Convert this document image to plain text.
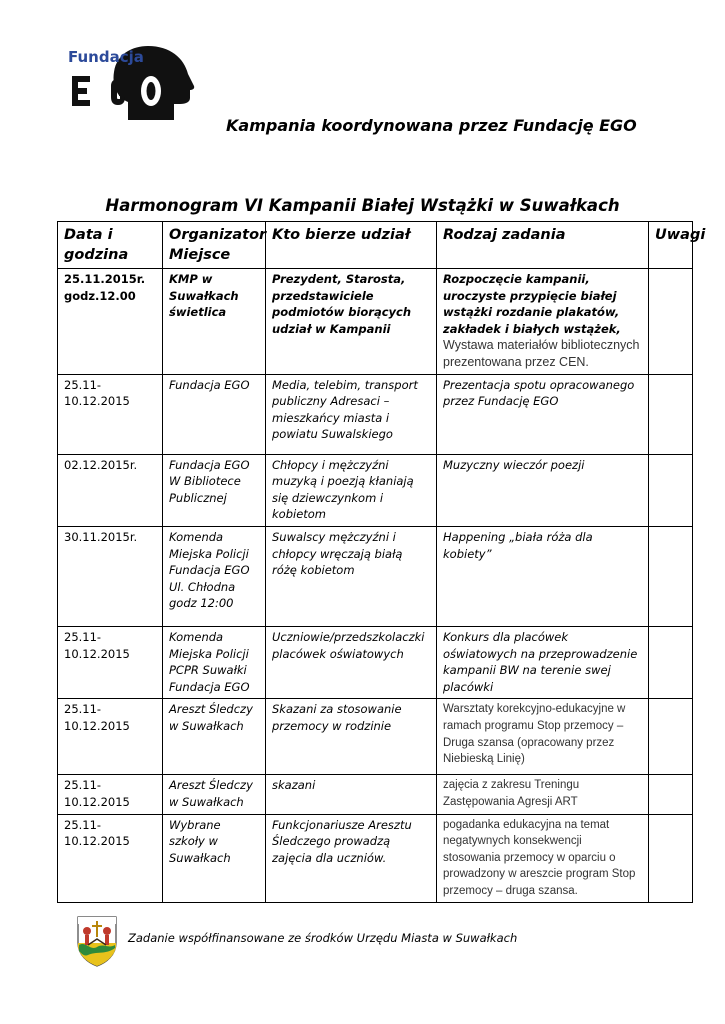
Fundacja
Kampania koordynowana przez Fundację EGO
Harmonogram VI Kampanii Białej Wstążki w Suwałkach
Data i godzina	Organizator Miejsce	Kto bierze udział	Rodzaj zadania	Uwagi
25.11.2015r. godz.12.00	KMP w Suwałkach świetlica	Prezydent, Starosta, przedstawiciele podmiotów biorących udział w Kampanii	Rozpoczęcie kampanii, uroczyste przypięcie białej wstążki rozdanie plakatów, zakładek i białych wstążek, Wystawa materiałów bibliotecznych prezentowana przez CEN.	
25.11-10.12.2015	Fundacja EGO	Media, telebim, transport publiczny Adresaci – mieszkańcy miasta i powiatu Suwalskiego	Prezentacja spotu opracowanego przez Fundację EGO	
02.12.2015r.	Fundacja EGO W Bibliotece Publicznej	Chłopcy i mężczyźni muzyką i poezją kłaniają się dziewczynkom i kobietom	Muzyczny wieczór poezji	
30.11.2015r.	Komenda Miejska Policji Fundacja EGO Ul. Chłodna godz 12:00	Suwalscy mężczyźni i chłopcy wręczają białą różę kobietom	Happening „biała róża dla kobiety”	
25.11-10.12.2015	Komenda Miejska Policji PCPR Suwałki Fundacja EGO	Uczniowie/przedszkolaczki placówek oświatowych	Konkurs dla placówek oświatowych na przeprowadzenie kampanii BW na terenie swej placówki	
25.11-10.12.2015	Areszt Śledczy w Suwałkach	Skazani za stosowanie przemocy w rodzinie	Warsztaty korekcyjno-edukacyjne w ramach programu Stop przemocy – Druga szansa (opracowany przez Niebieską Linię)	
25.11-10.12.2015	Areszt Śledczy w Suwałkach	skazani	zajęcia z zakresu Treningu Zastępowania Agresji ART	
25.11-10.12.2015	Wybrane szkoły w Suwałkach	Funkcjonariusze Aresztu Śledczego prowadzą zajęcia dla uczniów.	pogadanka edukacyjna na temat negatywnych konsekwencji stosowania przemocy w oparciu o prowadzony w areszcie program Stop przemocy – druga szansa.	
Zadanie współfinansowane ze środków Urzędu Miasta w Suwałkach
